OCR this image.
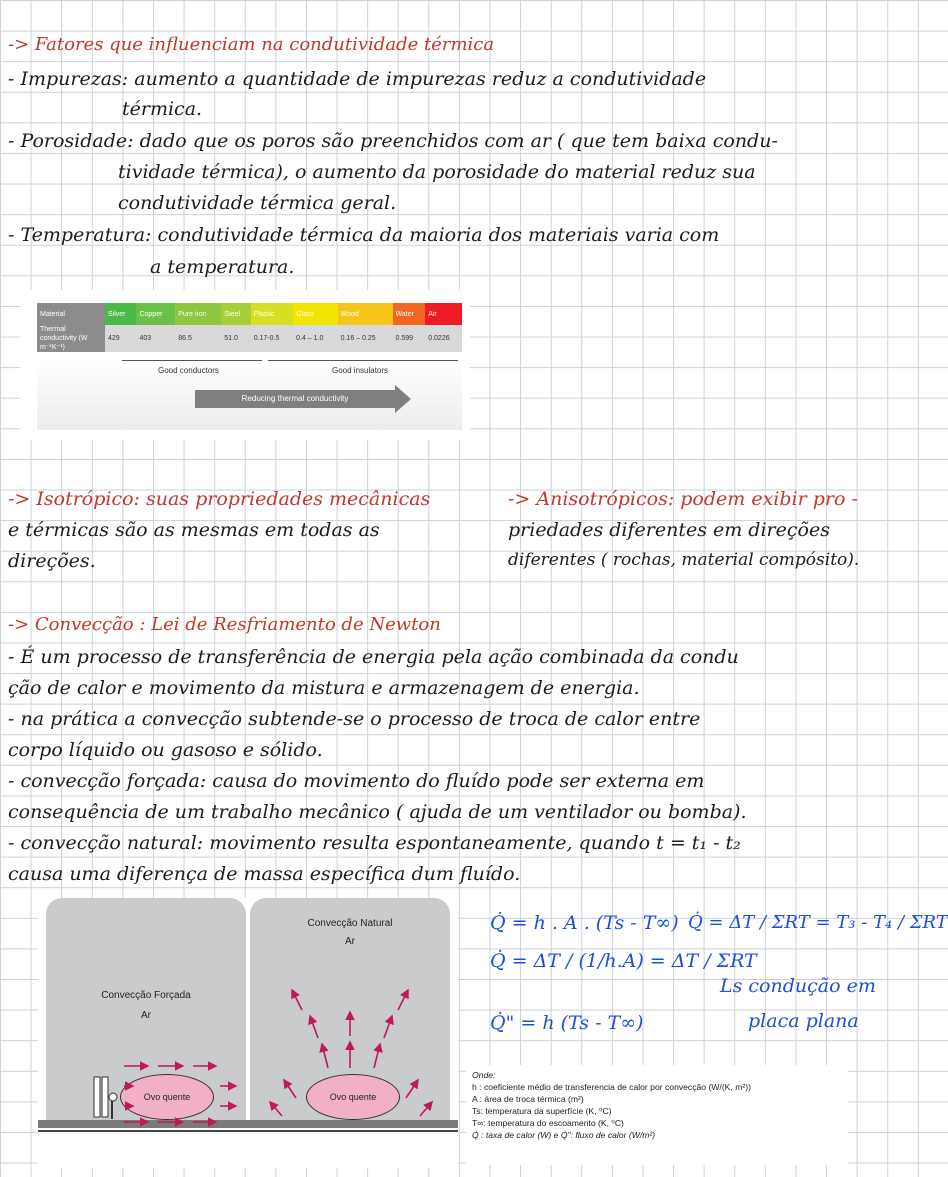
-> Fatores que influenciam na condutividade térmica
- Impurezas: aumento a quantidade de impurezas reduz a condutividade
térmica.
- Porosidade: dado que os poros são preenchidos com ar ( que tem baixa condu-
tividade térmica), o aumento da porosidade do material reduz sua
condutividade térmica geral.
- Temperatura: condutividade térmica da maioria dos materiais varia com
a temperatura.
Material	Silver	Copper	Pure iron	Steel	Plastic	Glass	Wood	Water	Air
Thermal conductivity (W m⁻¹K⁻¹)	429	403	86.5	51.0	0.17-0.5	0.4 – 1.0	0.16 – 0.25	0.599	0.0226
Good conductors	Good insulators
Reducing thermal conductivity
-> Isotrópico: suas propriedades mecânicas
e térmicas são as mesmas em todas as
direções.
-> Anisotrópicos: podem exibir pro -
priedades diferentes em direções
diferentes ( rochas, material compósito).
-> Convecção : Lei de Resfriamento de Newton
- É um processo de transferência de energia pela ação combinada da condu
ção de calor e movimento da mistura e armazenagem de energia.
- na prática a convecção subtende-se o processo de troca de calor entre
corpo líquido ou gasoso e sólido.
- convecção forçada: causa do movimento do fluído pode ser externa em
consequência de um trabalho mecânico ( ajuda de um ventilador ou bomba).
- convecção natural: movimento resulta espontaneamente, quando t = t₁ - t₂
causa uma diferença de massa específica dum fluído.
Convecção Forçada
Ar
Convecção Natural
Ar
Ovo quente	Ovo quente
Q̇ = h . A . (Ts - T∞)
Q̇ = ΔT / (1/h.A) = ΔT / ΣRT
Q̇" = h (Ts - T∞)
Q̇ = ΔT / ΣRT = T₃ - T₄ / ΣRT
Ls condução em
placa plana
Onde:
h : coeficiente médio de transferencia de calor por convecção (W/(K, m²))
A : área de troca térmica (m²)
Ts: temperatura da superfície (K, ⁰C)
T∞: temperatura do escoamento (K, ⁰C)
Q̇ : taxa de calor (W) e Q̇": fluxo de calor (W/m²)
